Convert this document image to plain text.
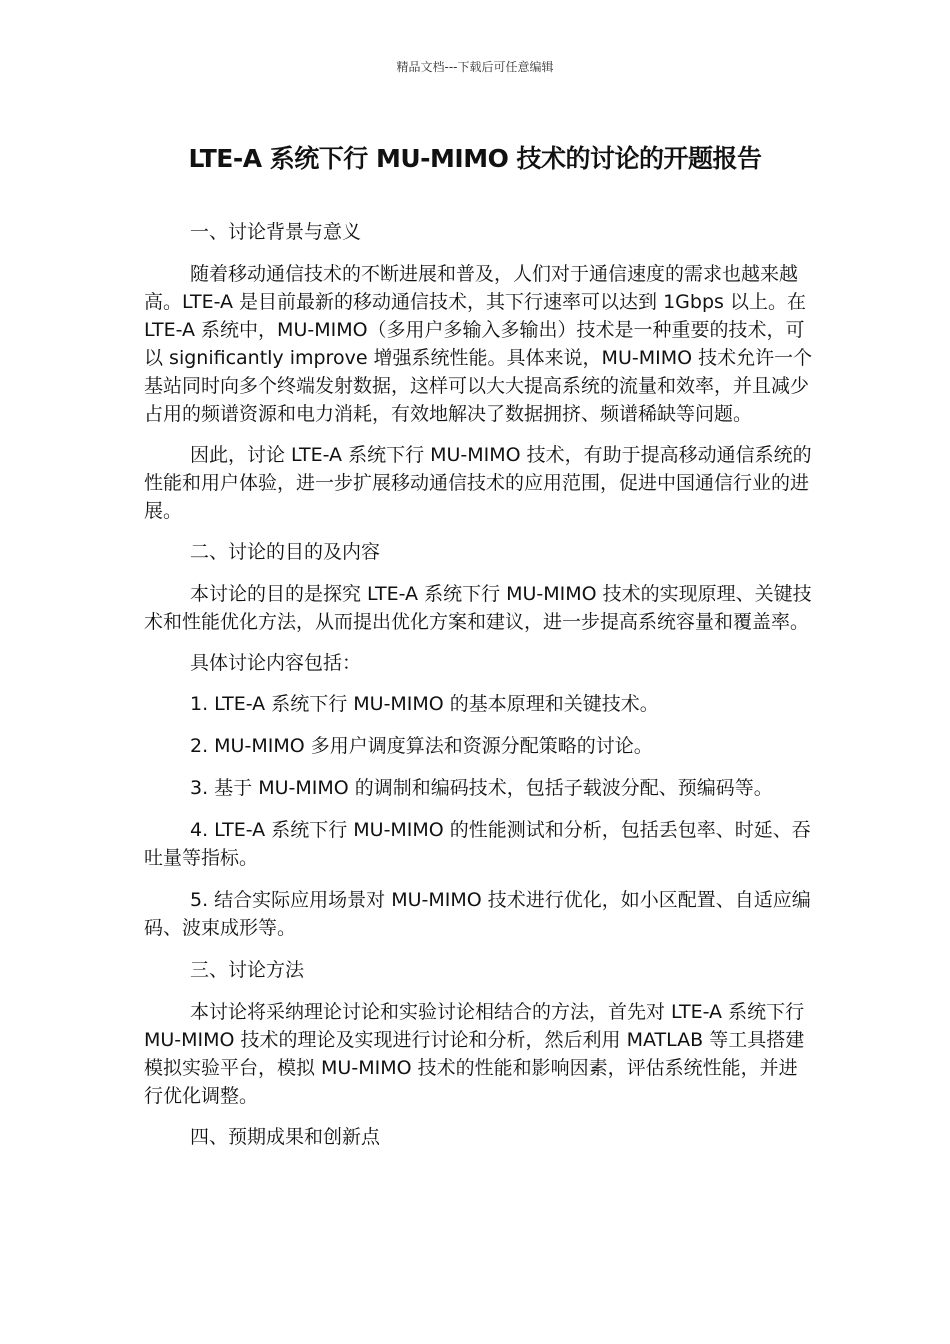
精品文档---下载后可任意编辑
LTE-A 系统下行 MU-MIMO 技术的讨论的开题报告

一、讨论背景与意义

随着移动通信技术的不断进展和普及，人们对于通信速度的需求也越来越高。LTE-A 是目前最新的移动通信技术，其下行速率可以达到 1Gbps 以上。在 LTE-A 系统中，MU-MIMO（多用户多输入多输出）技术是一种重要的技术，可以 significantly improve 增强系统性能。具体来说，MU-MIMO 技术允许一个基站同时向多个终端发射数据，这样可以大大提高系统的流量和效率，并且减少占用的频谱资源和电力消耗，有效地解决了数据拥挤、频谱稀缺等问题。

因此，讨论 LTE-A 系统下行 MU-MIMO 技术，有助于提高移动通信系统的性能和用户体验，进一步扩展移动通信技术的应用范围，促进中国通信行业的进展。

二、讨论的目的及内容

本讨论的目的是探究 LTE-A 系统下行 MU-MIMO 技术的实现原理、关键技术和性能优化方法，从而提出优化方案和建议，进一步提高系统容量和覆盖率。

具体讨论内容包括：

1. LTE-A 系统下行 MU-MIMO 的基本原理和关键技术。

2. MU-MIMO 多用户调度算法和资源分配策略的讨论。

3. 基于 MU-MIMO 的调制和编码技术，包括子载波分配、预编码等。

4. LTE-A 系统下行 MU-MIMO 的性能测试和分析，包括丢包率、时延、吞吐量等指标。

5. 结合实际应用场景对 MU-MIMO 技术进行优化，如小区配置、自适应编码、波束成形等。

三、讨论方法

本讨论将采纳理论讨论和实验讨论相结合的方法，首先对 LTE-A 系统下行 MU-MIMO 技术的理论及实现进行讨论和分析，然后利用 MATLAB 等工具搭建模拟实验平台，模拟 MU-MIMO 技术的性能和影响因素，评估系统性能，并进行优化调整。

四、预期成果和创新点
